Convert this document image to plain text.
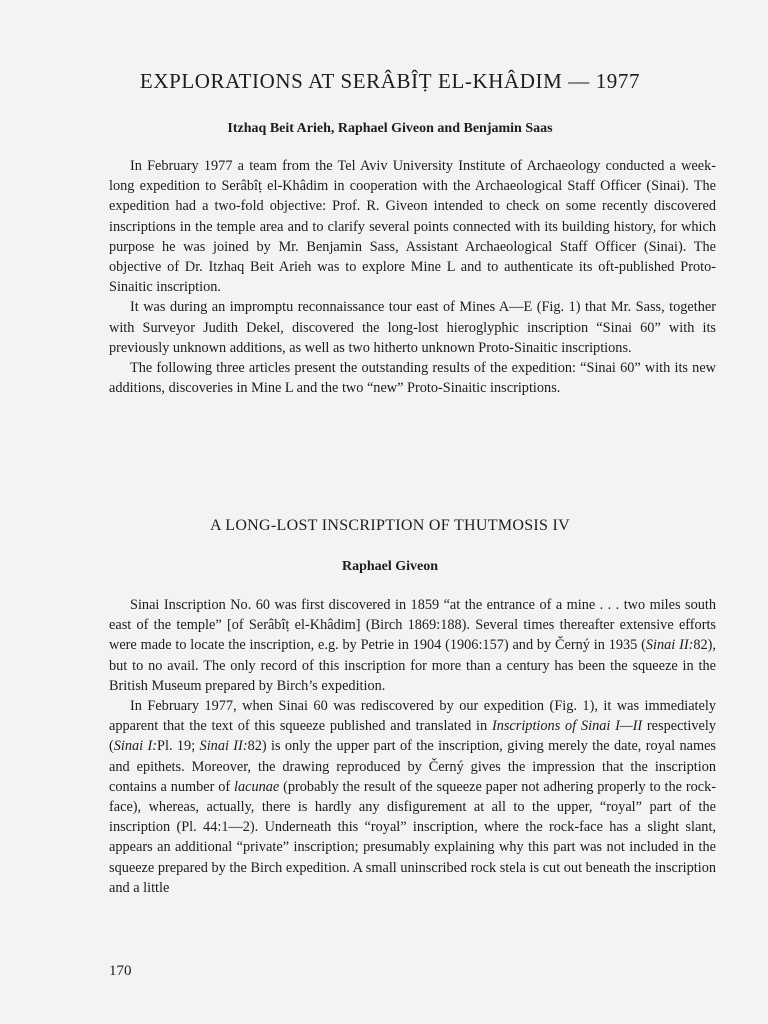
EXPLORATIONS AT SERÂBÎṬ EL-KHÂDIM — 1977
Itzhaq Beit Arieh, Raphael Giveon and Benjamin Saas

In February 1977 a team from the Tel Aviv University Institute of Archaeology conducted a week-long expedition to Serâbîṭ el-Khâdim in cooperation with the Archaeological Staff Officer (Sinai). The expedition had a two-fold objective: Prof. R. Giveon intended to check on some recently discovered inscriptions in the temple area and to clarify several points connected with its building history, for which purpose he was joined by Mr. Benjamin Sass, Assistant Archaeological Staff Officer (Sinai). The objective of Dr. Itzhaq Beit Arieh was to explore Mine L and to authenticate its oft-published Proto-Sinaitic inscription.

It was during an impromptu reconnaissance tour east of Mines A—E (Fig. 1) that Mr. Sass, together with Surveyor Judith Dekel, discovered the long-lost hieroglyphic inscription “Sinai 60” with its previously unknown additions, as well as two hitherto unknown Proto-Sinaitic inscriptions.

The following three articles present the outstanding results of the expedition: “Sinai 60” with its new additions, discoveries in Mine L and the two “new” Proto-Sinaitic inscriptions.

A LONG-LOST INSCRIPTION OF THUTMOSIS IV
Raphael Giveon

Sinai Inscription No. 60 was first discovered in 1859 “at the entrance of a mine . . . two miles south east of the temple” [of Serâbîṭ el-Khâdim] (Birch 1869:188). Several times thereafter extensive efforts were made to locate the inscription, e.g. by Petrie in 1904 (1906:157) and by Černý in 1935 (Sinai II:82), but to no avail. The only record of this inscription for more than a century has been the squeeze in the British Museum prepared by Birch’s expedition.

In February 1977, when Sinai 60 was rediscovered by our expedition (Fig. 1), it was immediately apparent that the text of this squeeze published and translated in Inscriptions of Sinai I—II respectively (Sinai I:Pl. 19; Sinai II:82) is only the upper part of the inscription, giving merely the date, royal names and epithets. Moreover, the drawing reproduced by Černý gives the impression that the inscription contains a number of lacunae (probably the result of the squeeze paper not adhering properly to the rock-face), whereas, actually, there is hardly any disfigurement at all to the upper, “royal” part of the inscription (Pl. 44:1—2). Underneath this “royal” inscription, where the rock-face has a slight slant, appears an additional “private” inscription; presumably explaining why this part was not included in the squeeze prepared by the Birch expedition. A small uninscribed rock stela is cut out beneath the inscription and a little

170
